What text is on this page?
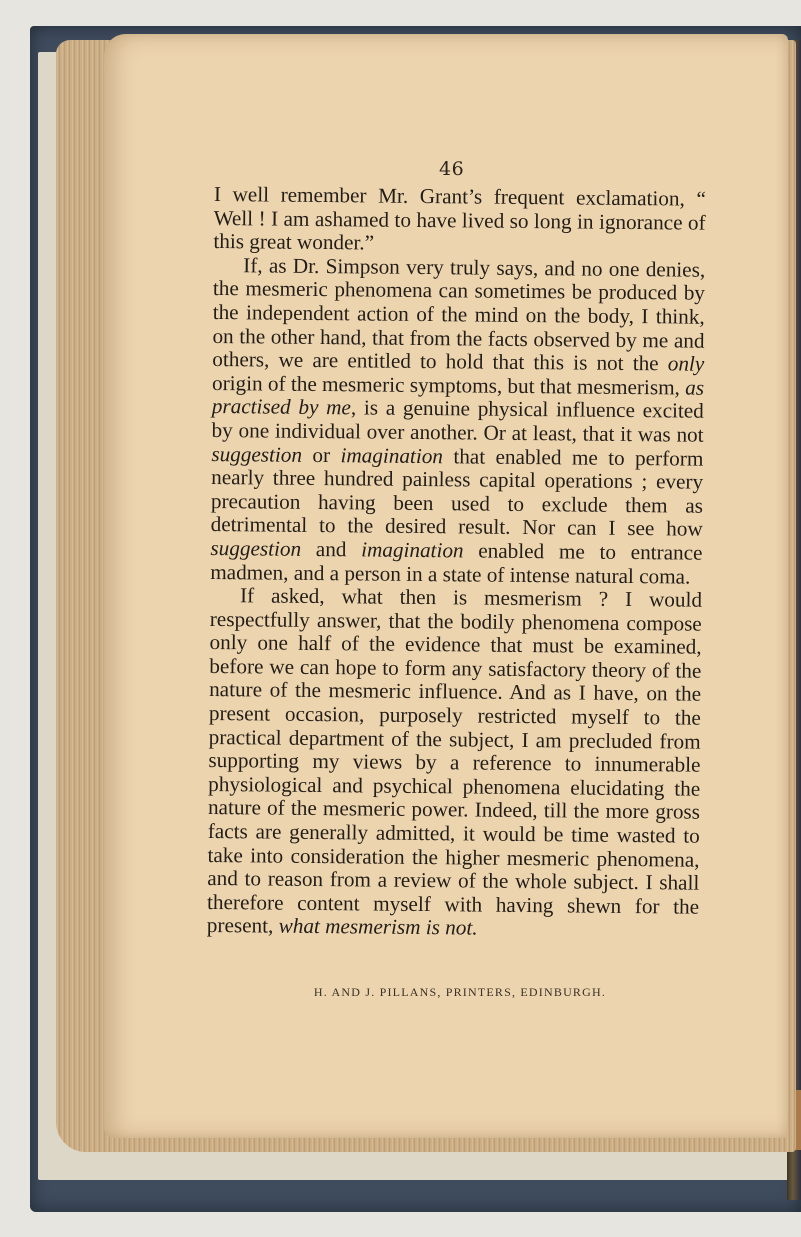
46

I well remember Mr. Grant’s frequent exclamation, “ Well ! I am ashamed to have lived so long in ignorance of this great wonder.”

If, as Dr. Simpson very truly says, and no one denies, the mesmeric phenomena can sometimes be produced by the independent action of the mind on the body, I think, on the other hand, that from the facts observed by me and others, we are entitled to hold that this is not the only origin of the mesmeric symptoms, but that mesmerism, as practised by me, is a genuine physical influence excited by one individual over another. Or at least, that it was not suggestion or imagination that enabled me to perform nearly three hundred painless capital operations ; every precaution having been used to exclude them as detrimental to the desired result. Nor can I see how suggestion and imagination enabled me to entrance madmen, and a person in a state of intense natural coma.

If asked, what then is mesmerism ? I would respectfully answer, that the bodily phenomena compose only one half of the evidence that must be examined, before we can hope to form any satisfactory theory of the nature of the mesmeric influence. And as I have, on the present occasion, purposely restricted myself to the practical department of the subject, I am precluded from supporting my views by a reference to innumerable physiological and psychical phenomena elucidating the nature of the mesmeric power. Indeed, till the more gross facts are generally admitted, it would be time wasted to take into consideration the higher mesmeric phenomena, and to reason from a review of the whole subject. I shall therefore content myself with having shewn for the present, what mesmerism is not.

H. AND J. PILLANS, PRINTERS, EDINBURGH.
